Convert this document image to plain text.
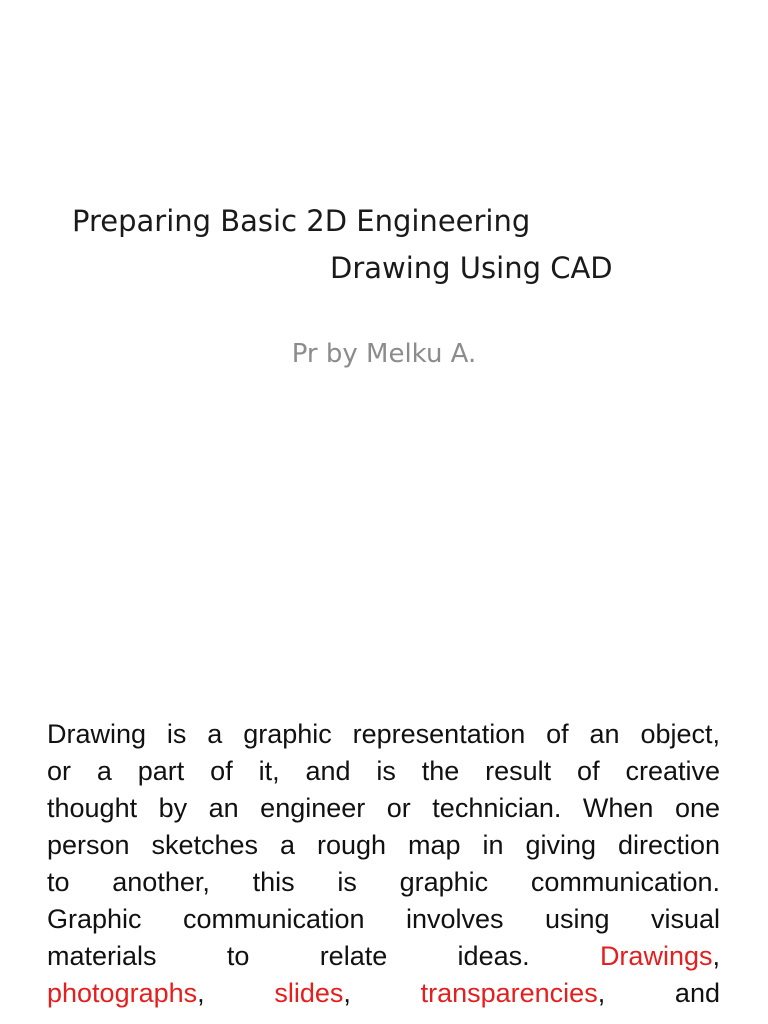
Preparing Basic 2D Engineering
Drawing Using CAD

Pr by Melku A.

Drawing is a graphic representation of an object,
or a part of it, and is the result of creative
thought by an engineer or technician. When one
person sketches a rough map in giving direction
to another, this is graphic communication.
Graphic communication involves using visual
materials to relate ideas.	Drawings,
photographs,	slides,	transparencies,	and
